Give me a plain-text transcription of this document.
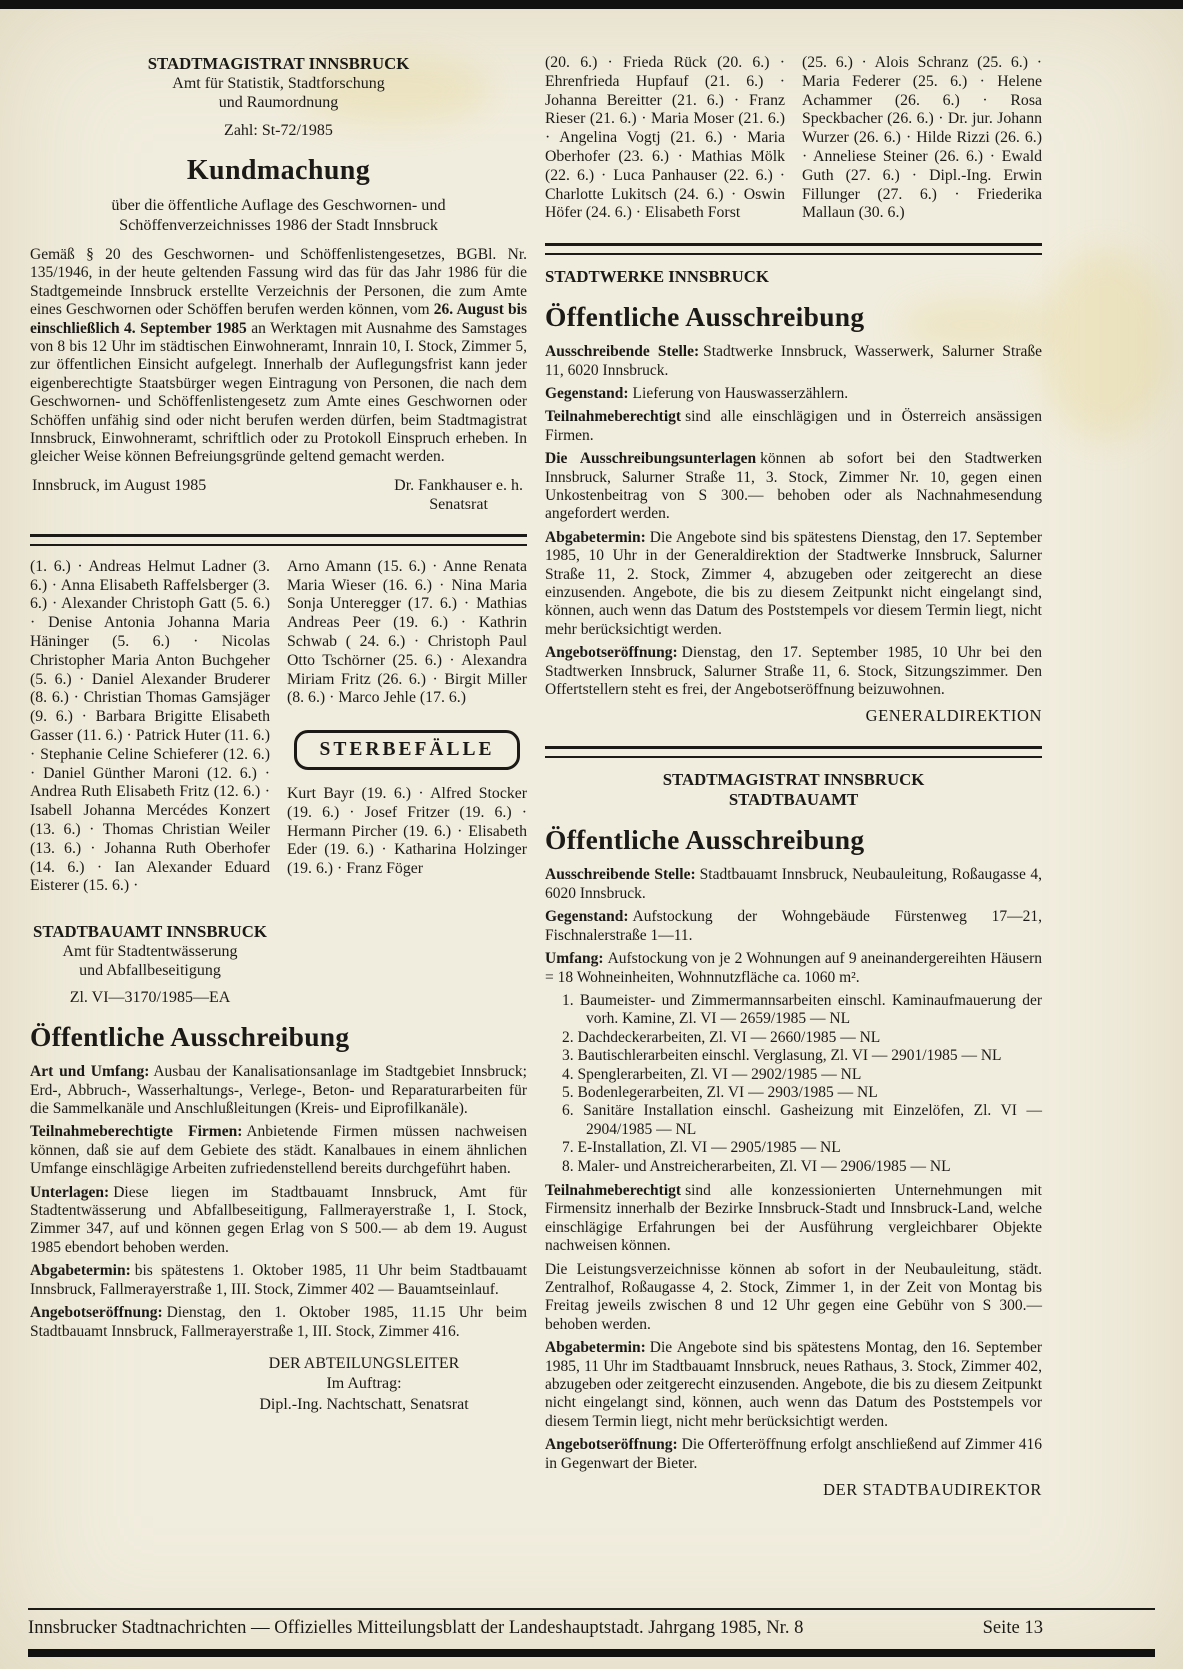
STADTMAGISTRAT INNSBRUCK
Amt für Statistik, Stadtforschung
und Raumordnung
Zahl: St-72/1985
Kundmachung
über die öffentliche Auflage des Geschwornen- und
Schöffenverzeichnisses 1986 der Stadt Innsbruck

Gemäß § 20 des Geschwornen- und Schöffenlistengesetzes, BGBl. Nr. 135/1946, in der heute geltenden Fassung wird das für das Jahr 1986 für die Stadtgemeinde Innsbruck erstellte Verzeichnis der Personen, die zum Amte eines Geschwornen oder Schöffen berufen werden können, vom 26. August bis einschließlich 4. September 1985 an Werktagen mit Ausnahme des Samstages von 8 bis 12 Uhr im städtischen Einwohneramt, Innrain 10, I. Stock, Zimmer 5, zur öffentlichen Einsicht aufgelegt. Innerhalb der Auflegungsfrist kann jeder eigenberechtigte Staatsbürger wegen Eintragung von Personen, die nach dem Geschwornen- und Schöffenlistengesetz zum Amte eines Geschwornen oder Schöffen unfähig sind oder nicht berufen werden dürfen, beim Stadtmagistrat Innsbruck, Einwohneramt, schriftlich oder zu Protokoll Einspruch erheben. In gleicher Weise können Befreiungsgründe geltend gemacht werden.

Innsbruck, im August 1985	Dr. Fankhauser e. h.
Senatsrat
(1. 6.) · Andreas Helmut Ladner (3. 6.) · Anna Elisabeth Raffelsberger (3. 6.) · Alexander Christoph Gatt (5. 6.) · Denise Antonia Johanna Maria Häninger (5. 6.) · Nicolas Christopher Maria Anton Buchgeher (5. 6.) · Daniel Alexander Bruderer (8. 6.) · Christian Thomas Gamsjäger (9. 6.) · Barbara Brigitte Elisabeth Gasser (11. 6.) · Patrick Huter (11. 6.) · Stephanie Celine Schieferer (12. 6.) · Daniel Günther Maroni (12. 6.) · Andrea Ruth Elisabeth Fritz (12. 6.) · Isabell Johanna Mercédes Konzert (13. 6.) · Thomas Christian Weiler (13. 6.) · Johanna Ruth Oberhofer (14. 6.) · Ian Alexander Eduard Eisterer (15. 6.) ·
STADTBAUAMT INNSBRUCK
Amt für Stadtentwässerung
und Abfallbeseitigung
Zl. VI—3170/1985—EA
Arno Amann (15. 6.) · Anne Renata Maria Wieser (16. 6.) · Nina Maria Sonja Unteregger (17. 6.) · Mathias Andreas Peer (19. 6.) · Kathrin Schwab ( 24. 6.) · Christoph Paul Otto Tschörner (25. 6.) · Alexandra Miriam Fritz (26. 6.) · Birgit Miller (8. 6.) · Marco Jehle (17. 6.)
STERBEFÄLLE
Kurt Bayr (19. 6.) · Alfred Stocker (19. 6.) · Josef Fritzer (19. 6.) · Hermann Pircher (19. 6.) · Elisabeth Eder (19. 6.) · Katharina Holzinger (19. 6.) · Franz Föger
Öffentliche Ausschreibung

Art und Umfang: Ausbau der Kanalisationsanlage im Stadtgebiet Innsbruck; Erd-, Abbruch-, Wasserhaltungs-, Verlege-, Beton- und Reparaturarbeiten für die Sammelkanäle und Anschlußleitungen (Kreis- und Eiprofilkanäle).

Teilnahmeberechtigte Firmen: Anbietende Firmen müssen nachweisen können, daß sie auf dem Gebiete des städt. Kanalbaues in einem ähnlichen Umfange einschlägige Arbeiten zufriedenstellend bereits durchgeführt haben.

Unterlagen: Diese liegen im Stadtbauamt Innsbruck, Amt für Stadtentwässerung und Abfallbeseitigung, Fallmerayerstraße 1, I. Stock, Zimmer 347, auf und können gegen Erlag von S 500.— ab dem 19. August 1985 ebendort behoben werden.

Abgabetermin: bis spätestens 1. Oktober 1985, 11 Uhr beim Stadtbauamt Innsbruck, Fallmerayerstraße 1, III. Stock, Zimmer 402 — Bauamtseinlauf.

Angebotseröffnung: Dienstag, den 1. Oktober 1985, 11.15 Uhr beim Stadtbauamt Innsbruck, Fallmerayerstraße 1, III. Stock, Zimmer 416.

DER ABTEILUNGSLEITER
Im Auftrag:
Dipl.-Ing. Nachtschatt, Senatsrat
(20. 6.) · Frieda Rück (20. 6.) · Ehrenfrieda Hupfauf (21. 6.) · Johanna Bereitter (21. 6.) · Franz Rieser (21. 6.) · Maria Moser (21. 6.) · Angelina Vogtj (21. 6.) · Maria Oberhofer (23. 6.) · Mathias Mölk (22. 6.) · Luca Panhauser (22. 6.) · Charlotte Lukitsch (24. 6.) · Oswin Höfer (24. 6.) · Elisabeth Forst
(25. 6.) · Alois Schranz (25. 6.) · Maria Federer (25. 6.) · Helene Achammer (26. 6.) · Rosa Speckbacher (26. 6.) · Dr. jur. Johann Wurzer (26. 6.) · Hilde Rizzi (26. 6.) · Anneliese Steiner (26. 6.) · Ewald Guth (27. 6.) · Dipl.-Ing. Erwin Fillunger (27. 6.) · Friederika Mallaun (30. 6.)
STADTWERKE INNSBRUCK
Öffentliche Ausschreibung

Ausschreibende Stelle: Stadtwerke Innsbruck, Wasserwerk, Salurner Straße 11, 6020 Innsbruck.

Gegenstand: Lieferung von Hauswasserzählern.

Teilnahmeberechtigt sind alle einschlägigen und in Österreich ansässigen Firmen.

Die Ausschreibungsunterlagen können ab sofort bei den Stadtwerken Innsbruck, Salurner Straße 11, 3. Stock, Zimmer Nr. 10, gegen einen Unkostenbeitrag von S 300.— behoben oder als Nachnahmesendung angefordert werden.

Abgabetermin: Die Angebote sind bis spätestens Dienstag, den 17. September 1985, 10 Uhr in der Generaldirektion der Stadtwerke Innsbruck, Salurner Straße 11, 2. Stock, Zimmer 4, abzugeben oder zeitgerecht an diese einzusenden. Angebote, die bis zu diesem Zeitpunkt nicht eingelangt sind, können, auch wenn das Datum des Poststempels vor diesem Termin liegt, nicht mehr berücksichtigt werden.

Angebotseröffnung: Dienstag, den 17. September 1985, 10 Uhr bei den Stadtwerken Innsbruck, Salurner Straße 11, 6. Stock, Sitzungszimmer. Den Offertstellern steht es frei, der Angebotseröffnung beizuwohnen.

GENERALDIREKTION
STADTMAGISTRAT INNSBRUCK
STADTBAUAMT
Öffentliche Ausschreibung

Ausschreibende Stelle: Stadtbauamt Innsbruck, Neubauleitung, Roßaugasse 4, 6020 Innsbruck.

Gegenstand: Aufstockung der Wohngebäude Fürstenweg 17—21, Fischnalerstraße 1—11.

Umfang: Aufstockung von je 2 Wohnungen auf 9 aneinandergereihten Häusern = 18 Wohneinheiten, Wohnnutzfläche ca. 1060 m².

1. Baumeister- und Zimmermannsarbeiten einschl. Kaminaufmauerung der vorh. Kamine, Zl. VI — 2659/1985 — NL
2. Dachdeckerarbeiten, Zl. VI — 2660/1985 — NL
3. Bautischlerarbeiten einschl. Verglasung, Zl. VI — 2901/1985 — NL
4. Spenglerarbeiten, Zl. VI — 2902/1985 — NL
5. Bodenlegerarbeiten, Zl. VI — 2903/1985 — NL
6. Sanitäre Installation einschl. Gasheizung mit Einzelöfen, Zl. VI — 2904/1985 — NL
7. E-Installation, Zl. VI — 2905/1985 — NL
8. Maler- und Anstreicherarbeiten, Zl. VI — 2906/1985 — NL

Teilnahmeberechtigt sind alle konzessionierten Unternehmungen mit Firmensitz innerhalb der Bezirke Innsbruck-Stadt und Innsbruck-Land, welche einschlägige Erfahrungen bei der Ausführung vergleichbarer Objekte nachweisen können.

Die Leistungsverzeichnisse können ab sofort in der Neubauleitung, städt. Zentralhof, Roßaugasse 4, 2. Stock, Zimmer 1, in der Zeit von Montag bis Freitag jeweils zwischen 8 und 12 Uhr gegen eine Gebühr von S 300.— behoben werden.

Abgabetermin: Die Angebote sind bis spätestens Montag, den 16. September 1985, 11 Uhr im Stadtbauamt Innsbruck, neues Rathaus, 3. Stock, Zimmer 402, abzugeben oder zeitgerecht einzusenden. Angebote, die bis zu diesem Zeitpunkt nicht eingelangt sind, können, auch wenn das Datum des Poststempels vor diesem Termin liegt, nicht mehr berücksichtigt werden.

Angebotseröffnung: Die Offerteröffnung erfolgt anschließend auf Zimmer 416 in Gegenwart der Bieter.

DER STADTBAUDIREKTOR
Innsbrucker Stadtnachrichten — Offizielles Mitteilungsblatt der Landeshauptstadt. Jahrgang 1985, Nr. 8	Seite 13
